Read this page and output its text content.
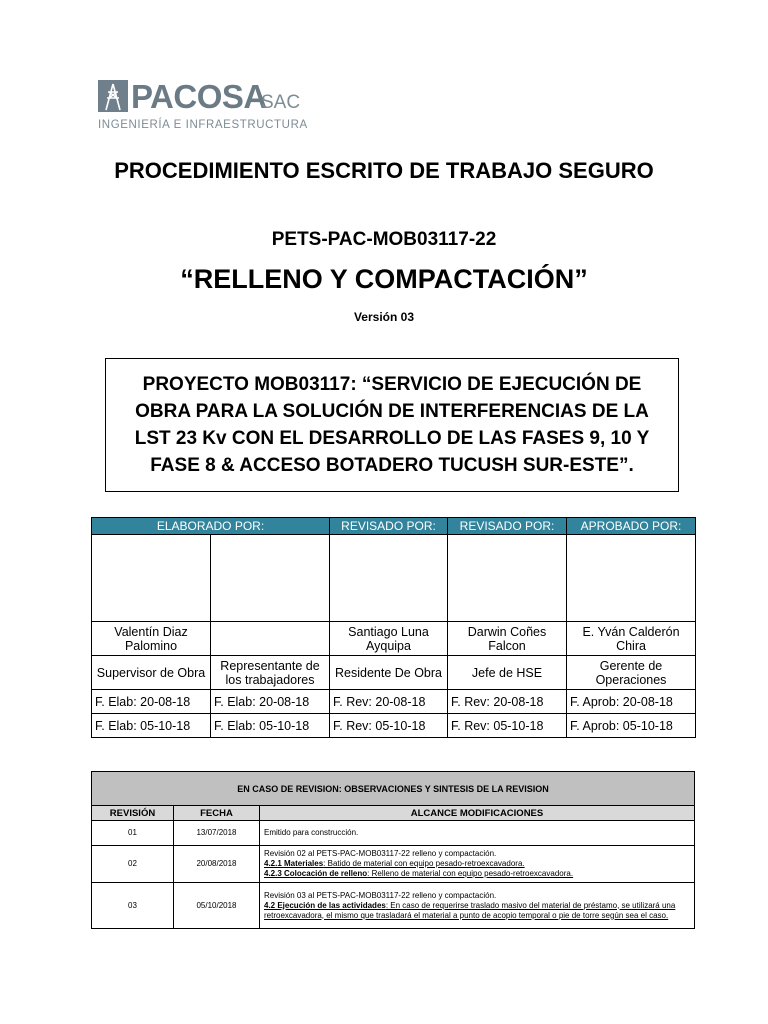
PACOSA
SAC
INGENIERÍA E INFRAESTRUCTURA
PROCEDIMIENTO ESCRITO DE TRABAJO SEGURO
PETS-PAC-MOB03117-22
“RELLENO Y COMPACTACIÓN”
Versión 03
PROYECTO MOB03117: “SERVICIO DE EJECUCIÓN DE OBRA PARA LA SOLUCIÓN DE INTERFERENCIAS DE LA LST 23 Kv CON EL DESARROLLO DE LAS FASES 9, 10 Y FASE 8 & ACCESO BOTADERO TUCUSH SUR-ESTE”.
ELABORADO POR:		REVISADO POR:	REVISADO POR:	APROBADO POR:

Valentín Diaz Palomino		Santiago Luna Ayquipa	Darwin Coñes Falcon	E. Yván Calderón Chira
Supervisor de Obra	Representante de los trabajadores	Residente De Obra	Jefe de HSE	Gerente de Operaciones
F. Elab: 20-08-18	F. Elab: 20-08-18	F. Rev: 20-08-18	F. Rev: 20-08-18	F. Aprob: 20-08-18
F. Elab: 05-10-18	F. Elab: 05-10-18	F. Rev: 05-10-18	F. Rev: 05-10-18	F. Aprob: 05-10-18
EN CASO DE REVISION: OBSERVACIONES Y SINTESIS DE LA REVISION		
REVISIÓN	FECHA	ALCANCE MODIFICACIONES
01	13/07/2018	Emitido para construcción.
02	20/08/2018	Revisión 02 al PETS-PAC-MOB03117-22 relleno y compactación.
4.2.1 Materiales: Batido de material con equipo pesado-retroexcavadora.
4.2.3 Colocación de relleno: Relleno de material con equipo pesado-retroexcavadora.

03	05/10/2018	Revisión 03 al PETS-PAC-MOB03117-22 relleno y compactación.
4.2 Ejecución de las actividades: En caso de requerirse traslado masivo del material de préstamo, se utilizará una retroexcavadora, el mismo que trasladará el material a punto de acopio temporal o pie de torre según sea el caso.
